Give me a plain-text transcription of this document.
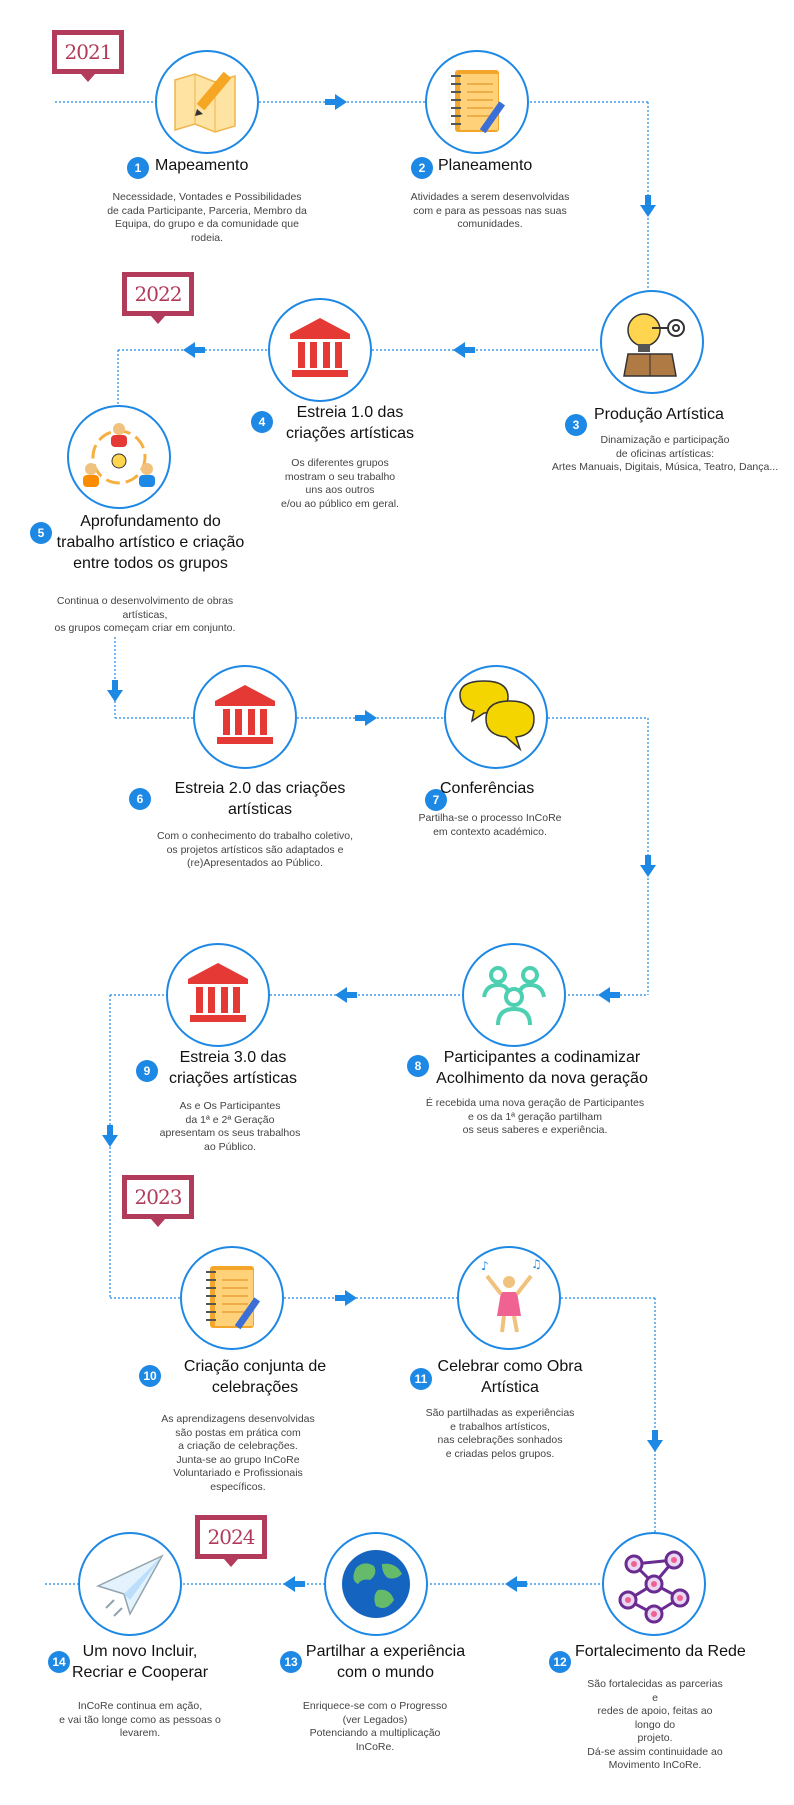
2021
2022
2023
2024
1 Mapeamento
Necessidade, Vontades e Possibilidades
de cada Participante, Parceria, Membro da
Equipa, do grupo e da comunidade que
rodeia.
2 Planeamento
Atividades a serem desenvolvidas
com e para as pessoas nas suas
comunidades.
3
Produção Artística
Dinamização e participação
de oficinas artísticas:
Artes Manuais, Digitais, Música, Teatro, Dança...
4
Estreia 1.0 das
criações artísticas
Os diferentes grupos
mostram o seu trabalho
uns aos outros
e/ou ao público em geral.
5
Aprofundamento do
trabalho artístico e criação
entre todos os grupos
Continua o desenvolvimento de obras
artísticas,
os grupos começam criar em conjunto.
6
Estreia 2.0 das criações
artísticas
Com o conhecimento do trabalho coletivo,
os projetos artísticos são adaptados e
(re)Apresentados ao Público.
7
Conferências
Partilha-se o processo InCoRe
em contexto académico.
8	Participantes a codinamizar
Acolhimento da nova geração
É recebida uma nova geração de Participantes
e os da 1ª geração partilham
os seus saberes e experiência.
9
Estreia 3.0 das
criações artísticas
As e Os Participantes
da 1ª e 2ª Geração
apresentam os seus trabalhos
ao Público.
10
Criação conjunta de
celebrações
As aprendizagens desenvolvidas
são postas em prática com
a criação de celebrações.
Junta-se ao grupo InCoRe
Voluntariado e Profissionais
específicos.
♪	♫
11
Celebrar como Obra
Artística
São partilhadas as experiências
e trabalhos artísticos,
nas celebrações sonhados
e criadas pelos grupos.
12
Fortalecimento da Rede
São fortalecidas as parcerias e
redes de apoio, feitas ao longo do
projeto.
Dá-se assim continuidade ao
Movimento InCoRe.
13
Partilhar a experiência
com o mundo
Enriquece-se com o Progresso
(ver Legados)
Potenciando a multiplicação
InCoRe.
14
Um novo Incluir,
Recriar e Cooperar
InCoRe continua em ação,
e vai tão longe como as pessoas o
levarem.
